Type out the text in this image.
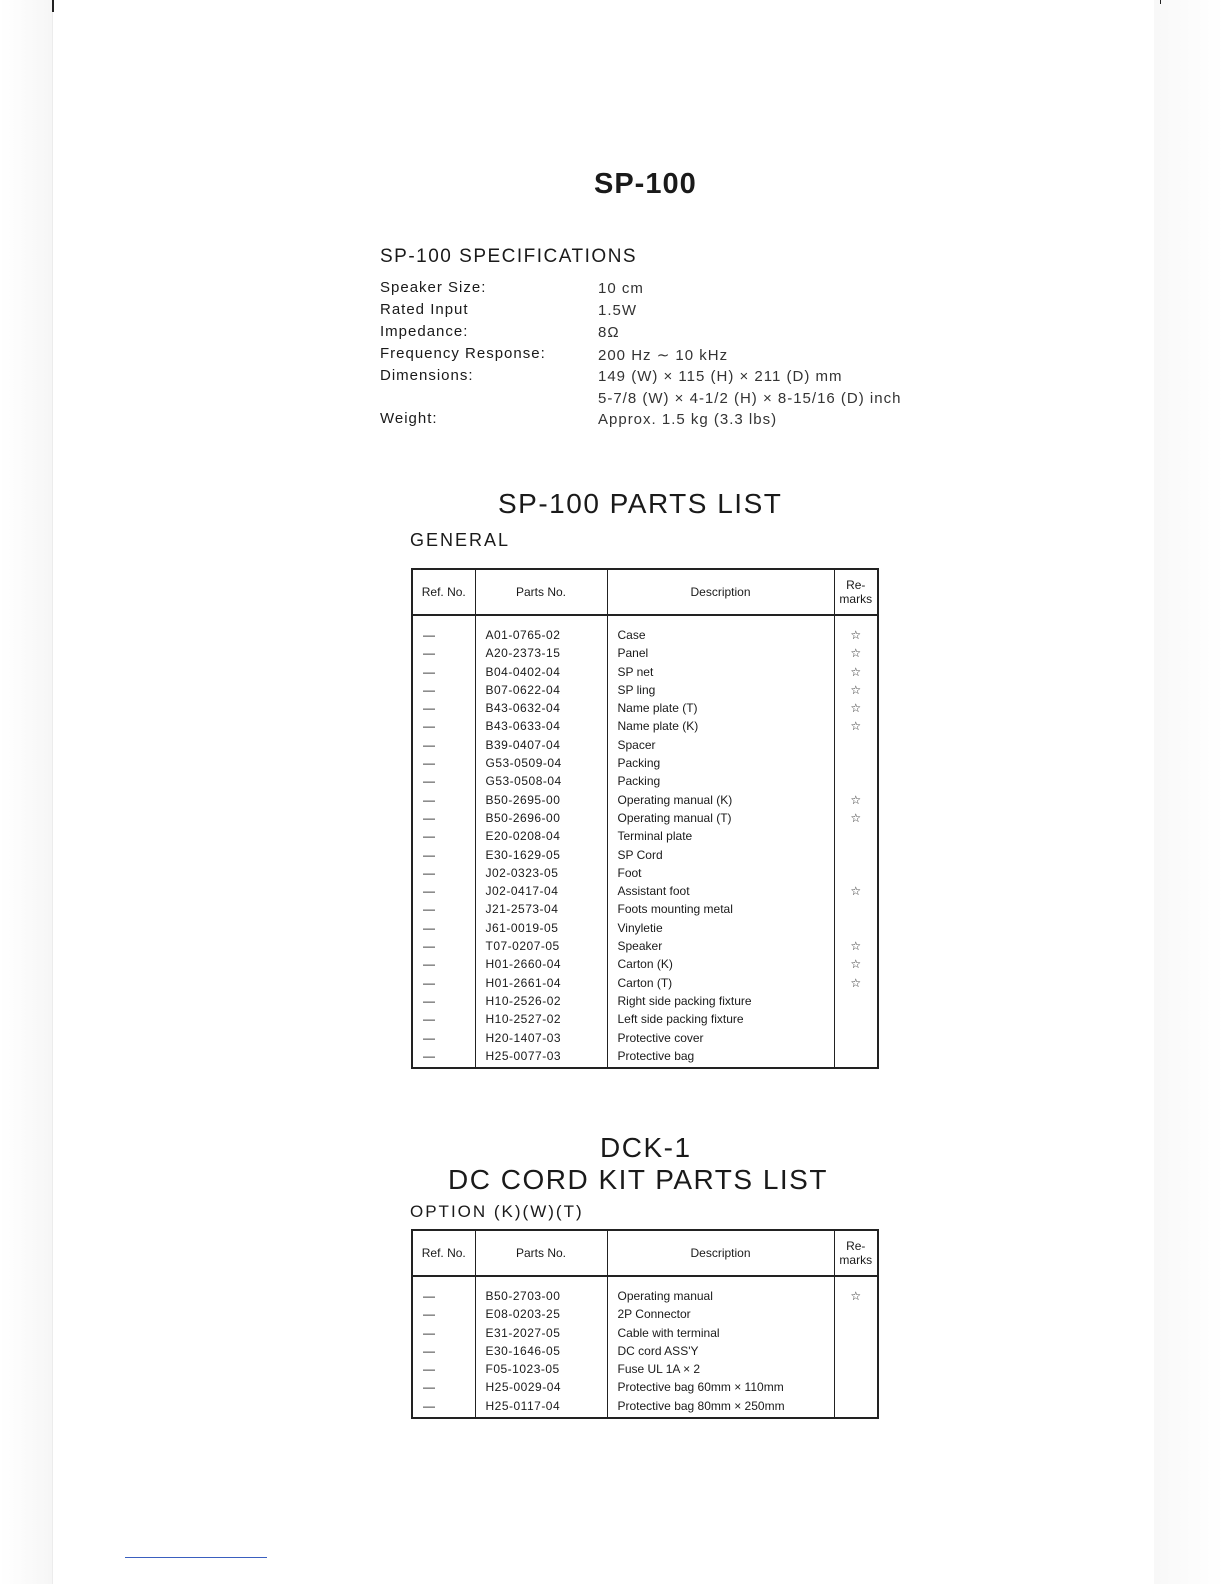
SP-100
SP-100 SPECIFICATIONS
Speaker Size:	10 cm
Rated Input	1.5W
Impedance:	8Ω
Frequency Response:	200 Hz ∼ 10 kHz
Dimensions:	149 (W) × 115 (H) × 211 (D) mm
5-7/8 (W) × 4-1/2 (H) × 8-15/16 (D) inch
Weight:	Approx. 1.5 kg (3.3 lbs)
SP-100 PARTS LIST
GENERAL
Ref. No.	Parts No.	Description	Re-
marks

—	A01-0765-02	Case	☆
—	A20-2373-15	Panel	☆
—	B04-0402-04	SP net	☆
—	B07-0622-04	SP ling	☆
—	B43-0632-04	Name plate (T)	☆
—	B43-0633-04	Name plate (K)	☆
—	B39-0407-04	Spacer	
—	G53-0509-04	Packing	
—	G53-0508-04	Packing	
—	B50-2695-00	Operating manual (K)	☆
—	B50-2696-00	Operating manual (T)	☆
—	E20-0208-04	Terminal plate	
—	E30-1629-05	SP Cord	
—	J02-0323-05	Foot	
—	J02-0417-04	Assistant foot	☆
—	J21-2573-04	Foots mounting metal	
—	J61-0019-05	Vinyletie	
—	T07-0207-05	Speaker	☆
—	H01-2660-04	Carton (K)	☆
—	H01-2661-04	Carton (T)	☆
—	H10-2526-02	Right side packing fixture	
—	H10-2527-02	Left side packing fixture	
—	H20-1407-03	Protective cover	
—	H25-0077-03	Protective bag	

DCK-1
DC CORD KIT PARTS LIST
OPTION (K)(W)(T)
Ref. No.	Parts No.	Description	Re-
marks

—	B50-2703-00	Operating manual	☆
—	E08-0203-25	2P Connector	
—	E31-2027-05	Cable with terminal	
—	E30-1646-05	DC cord ASS'Y	
—	F05-1023-05	Fuse UL 1A × 2	
—	H25-0029-04	Protective bag 60mm × 110mm	
—	H25-0117-04	Protective bag 80mm × 250mm	
